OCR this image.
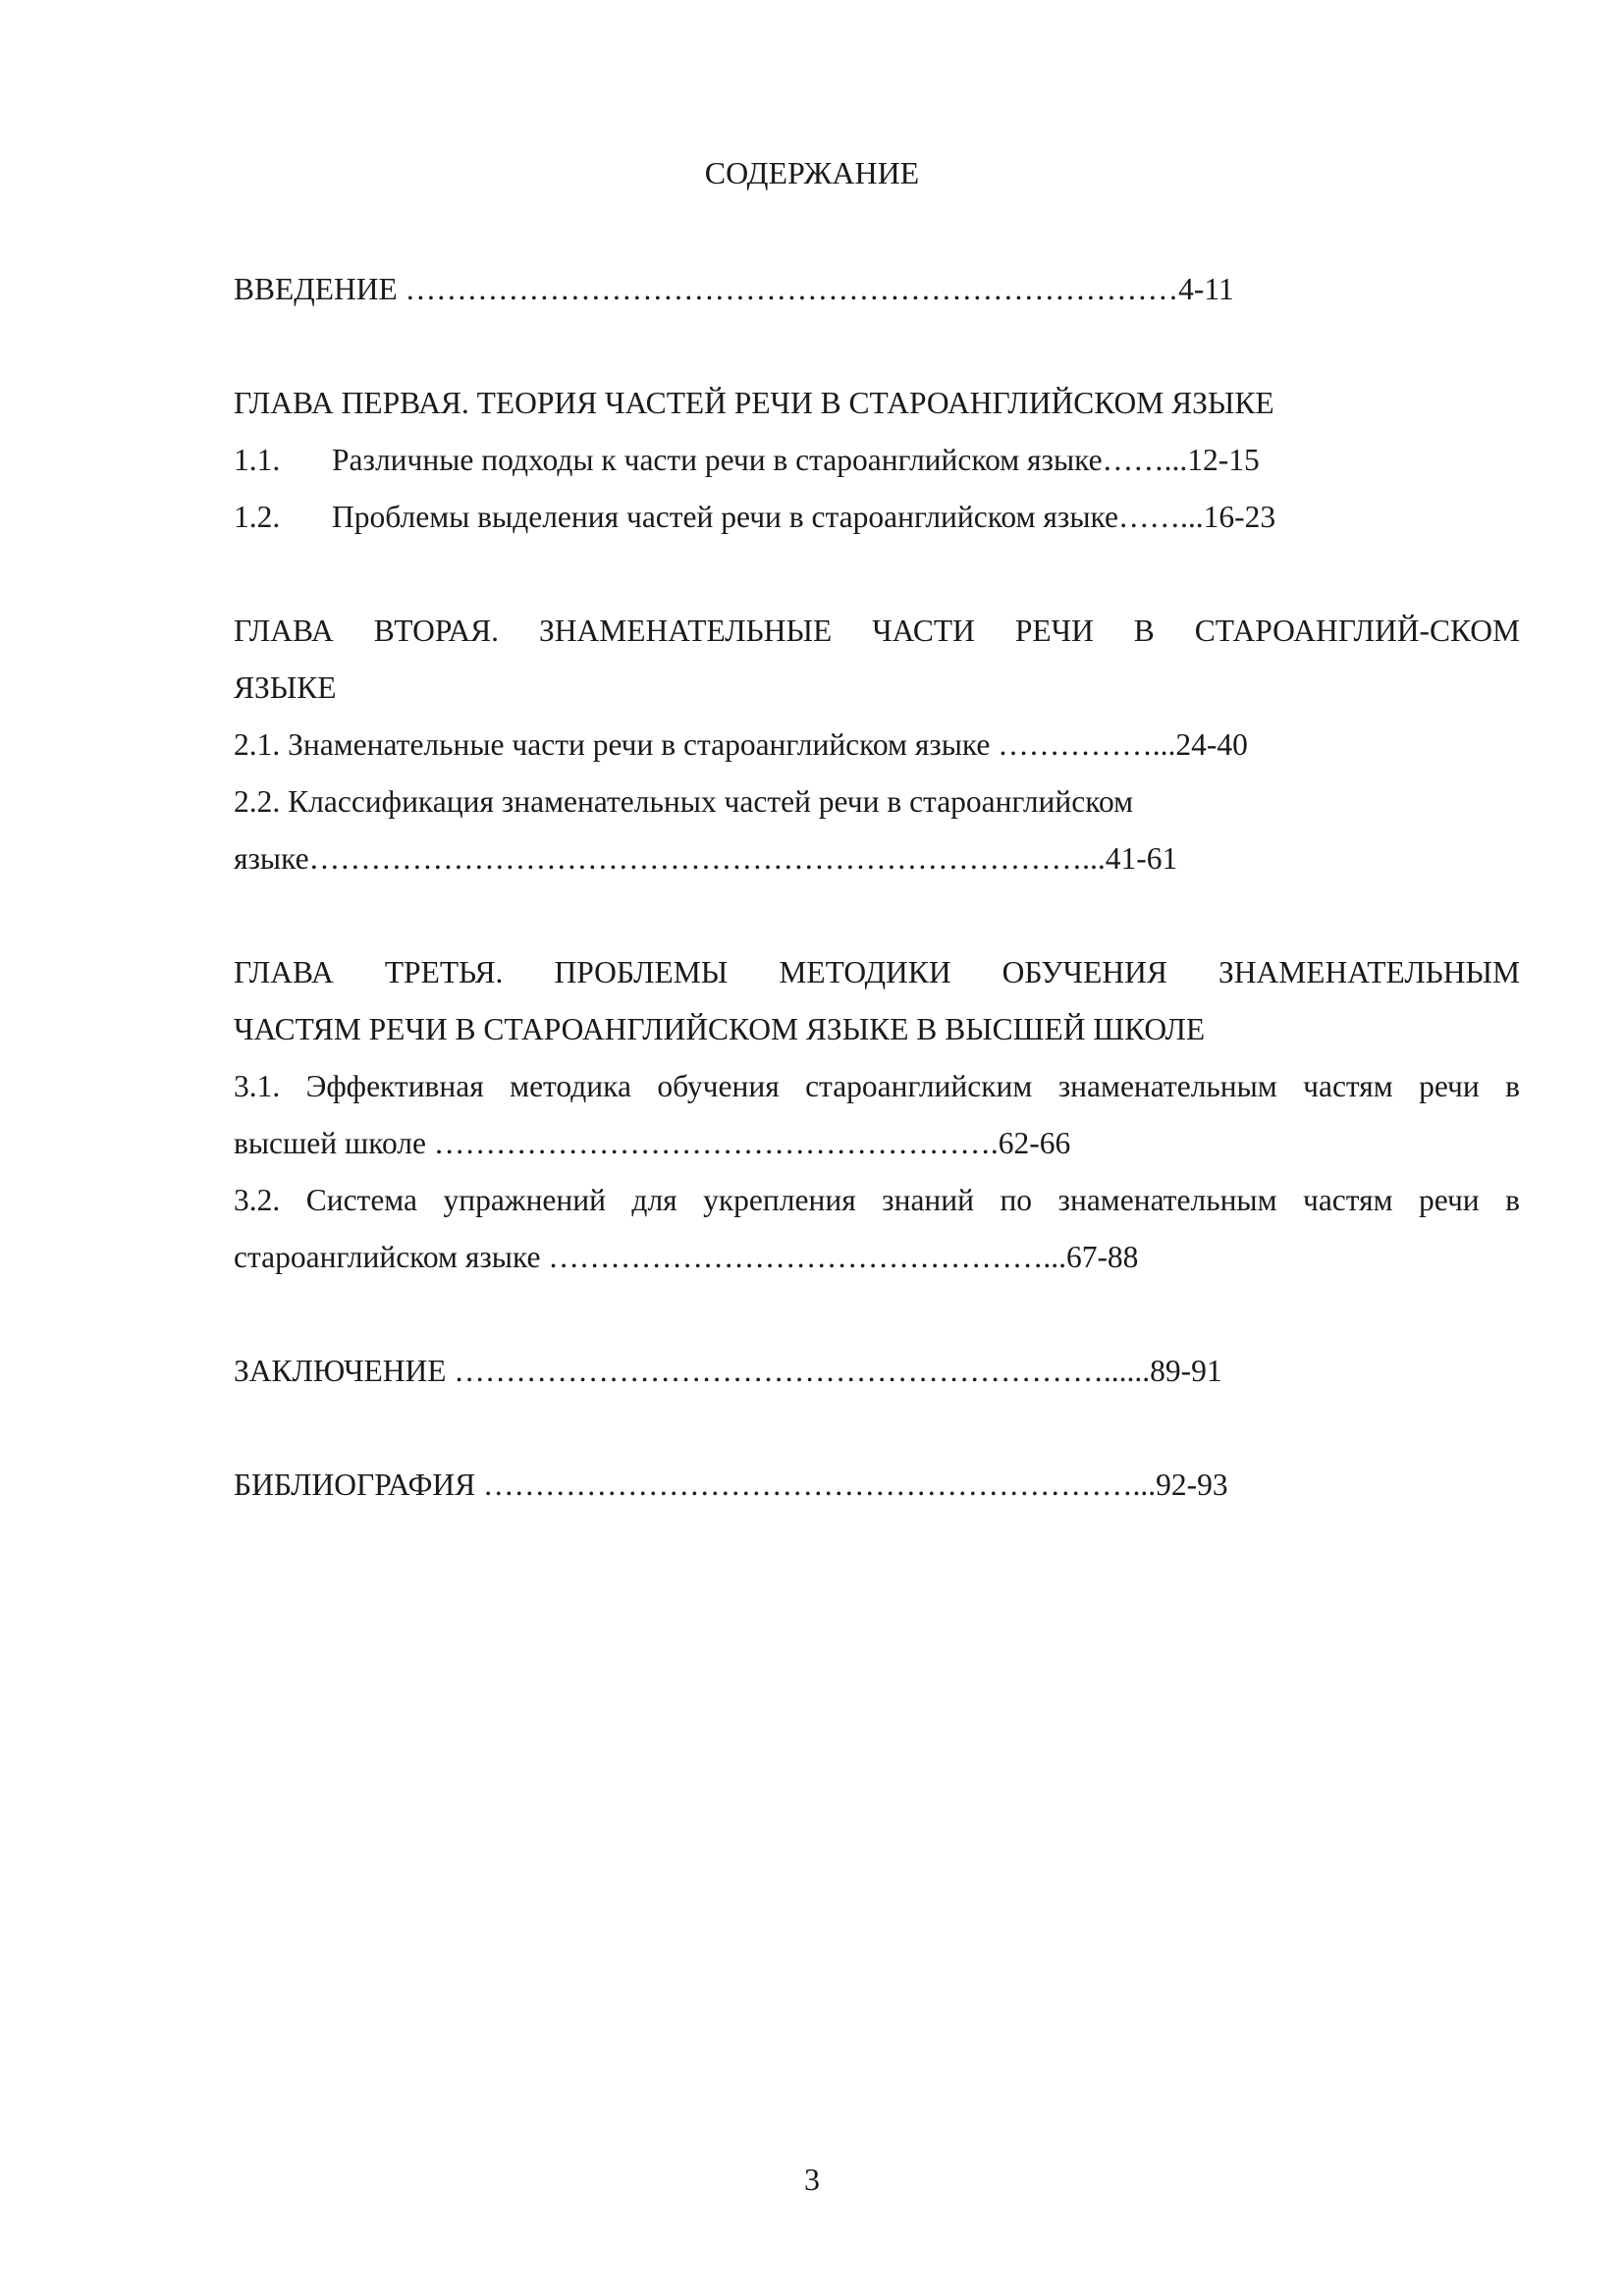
СОДЕРЖАНИЕ
ВВЕДЕНИЕ …………………………………………………………………4-11
ГЛАВА ПЕРВАЯ. ТЕОРИЯ ЧАСТЕЙ РЕЧИ В СТАРОАНГЛИЙСКОМ ЯЗЫКЕ
1.1. Различные подходы к части речи в староанглийском языке……...12-15
1.2. Проблемы выделения частей речи в староанглийском языке……...16-23
ГЛАВА ВТОРАЯ. ЗНАМЕНАТЕЛЬНЫЕ ЧАСТИ РЕЧИ В СТАРОАНГЛИЙ-СКОМ
ЯЗЫКЕ
2.1. Знаменательные части речи в староанглийском языке ……………...24-40
2.2. Классификация знаменательных частей речи в староанглийском
языке…………………………………………………………………...41-61
ГЛАВА ТРЕТЬЯ. ПРОБЛЕМЫ МЕТОДИКИ ОБУЧЕНИЯ ЗНАМЕНАТЕЛЬНЫМ
ЧАСТЯМ РЕЧИ В СТАРОАНГЛИЙСКОМ ЯЗЫКЕ В ВЫСШЕЙ ШКОЛЕ
3.1. Эффективная методика обучения староанглийским знаменательным частям речи в
высшей школе ……………………………………………….62-66
3.2. Система упражнений для укрепления знаний по знаменательным частям речи в
староанглийском языке …………………………………………...67-88
ЗАКЛЮЧЕНИЕ ………………………………………………………......89-91
БИБЛИОГРАФИЯ ………………………………………………………...92-93
3
